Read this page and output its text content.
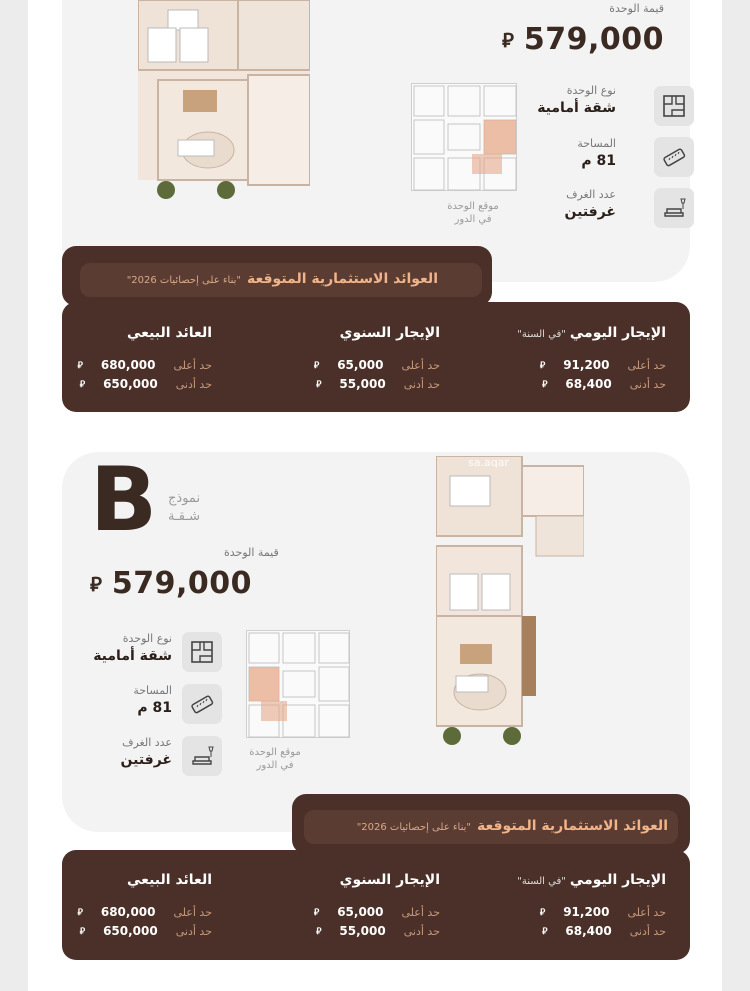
قيمة الوحدة
⃁ 579,000
موقع الوحدة
في الدور
نوع الوحدة
شقة أمامية
المساحة
81 م
عدد الغرف
غرفتين
العوائد الاستثمارية المتوقعة
"بناء على إحصائيات 2026"
الإيجار اليومي
"في السنة"
الإيجار السنوي
العائد البيعي
حد أعلى
91,200
⃁
حد أدنى
68,400
⃁
حد أعلى
65,000
⃁
حد أدنى
55,000
⃁
حد أعلى
680,000
⃁
حد أدنى
650,000
⃁
B نموذج
شـقـة
قيمة الوحدة
⃁ 579,000
sa.aqar
موقع الوحدة
في الدور
نوع الوحدة
شقة أمامية
المساحة
81 م
عدد الغرف
غرفتين
العوائد الاستثمارية المتوقعة
"بناء على إحصائيات 2026"
الإيجار اليومي
"في السنة"
الإيجار السنوي
العائد البيعي
حد أعلى
91,200
⃁
حد أدنى
68,400
⃁
حد أعلى
65,000
⃁
حد أدنى
55,000
⃁
حد أعلى
680,000
⃁
حد أدنى
650,000
⃁
